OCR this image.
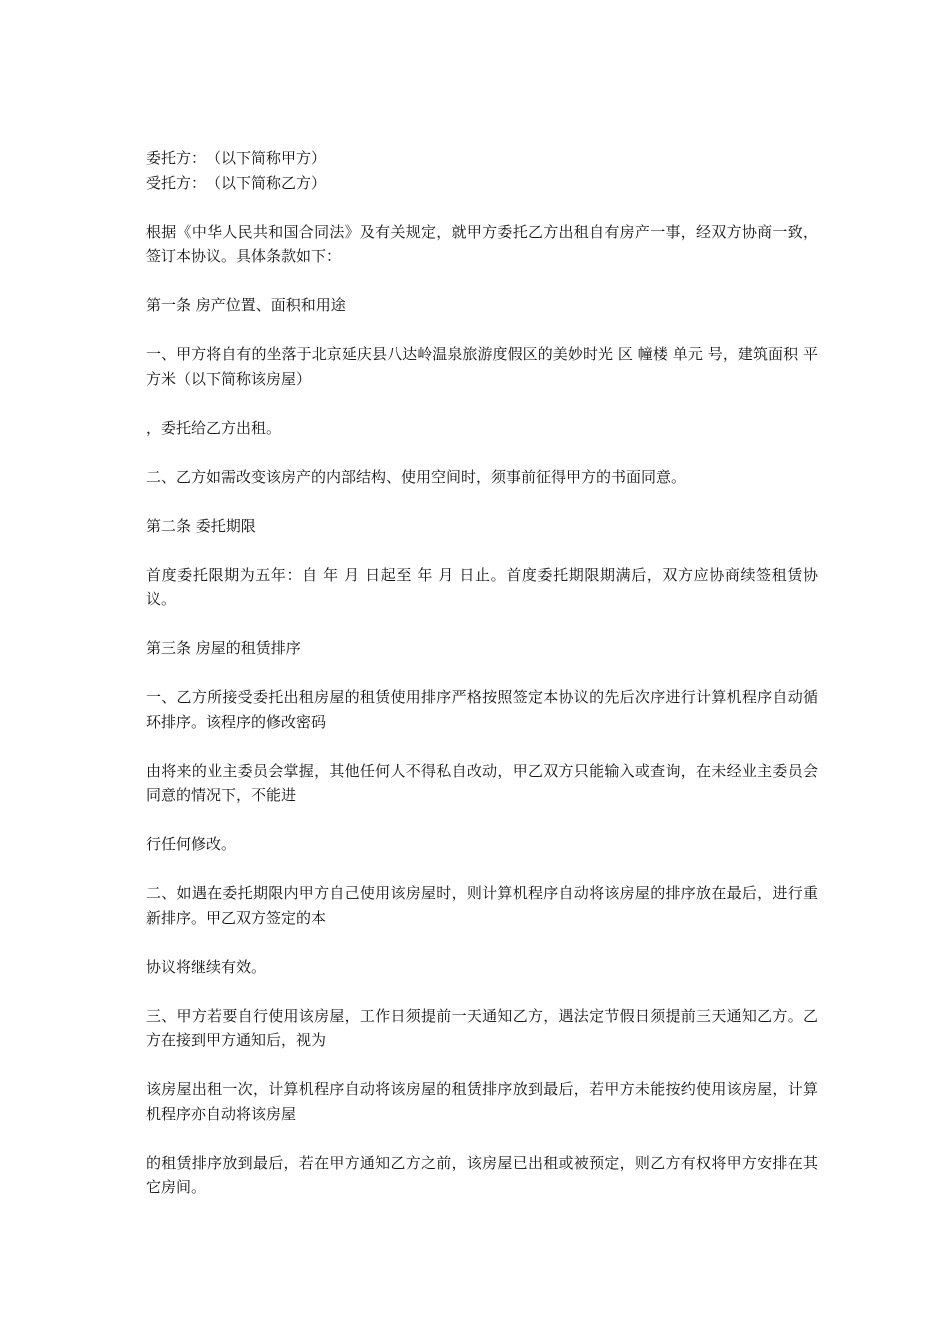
委托方：　（以下简称甲方）

受托方：　（以下简称乙方）

根据《中华人民共和国合同法》及有关规定，就甲方委托乙方出租自有房产一事，经双方协商一致，签订本协议。具体条款如下：

第一条 房产位置、面积和用途

一、甲方将自有的坐落于北京延庆县八达岭温泉旅游度假区的美妙时光 区 幢楼 单元 号，建筑面积 平方米（以下简称该房屋）

，委托给乙方出租。

二、乙方如需改变该房产的内部结构、使用空间时，须事前征得甲方的书面同意。

第二条 委托期限

首度委托限期为五年：自 年 月 日起至 年 月 日止。首度委托期限期满后，双方应协商续签租赁协议。

第三条 房屋的租赁排序

一、乙方所接受委托出租房屋的租赁使用排序严格按照签定本协议的先后次序进行计算机程序自动循环排序。该程序的修改密码

由将来的业主委员会掌握，其他任何人不得私自改动，甲乙双方只能输入或查询，在未经业主委员会同意的情况下，不能进

行任何修改。

二、如遇在委托期限内甲方自己使用该房屋时，则计算机程序自动将该房屋的排序放在最后，进行重新排序。甲乙双方签定的本

协议将继续有效。

三、甲方若要自行使用该房屋，工作日须提前一天通知乙方，遇法定节假日须提前三天通知乙方。乙方在接到甲方通知后，视为

该房屋出租一次，计算机程序自动将该房屋的租赁排序放到最后，若甲方未能按约使用该房屋，计算机程序亦自动将该房屋

的租赁排序放到最后，若在甲方通知乙方之前，该房屋已出租或被预定，则乙方有权将甲方安排在其它房间。
